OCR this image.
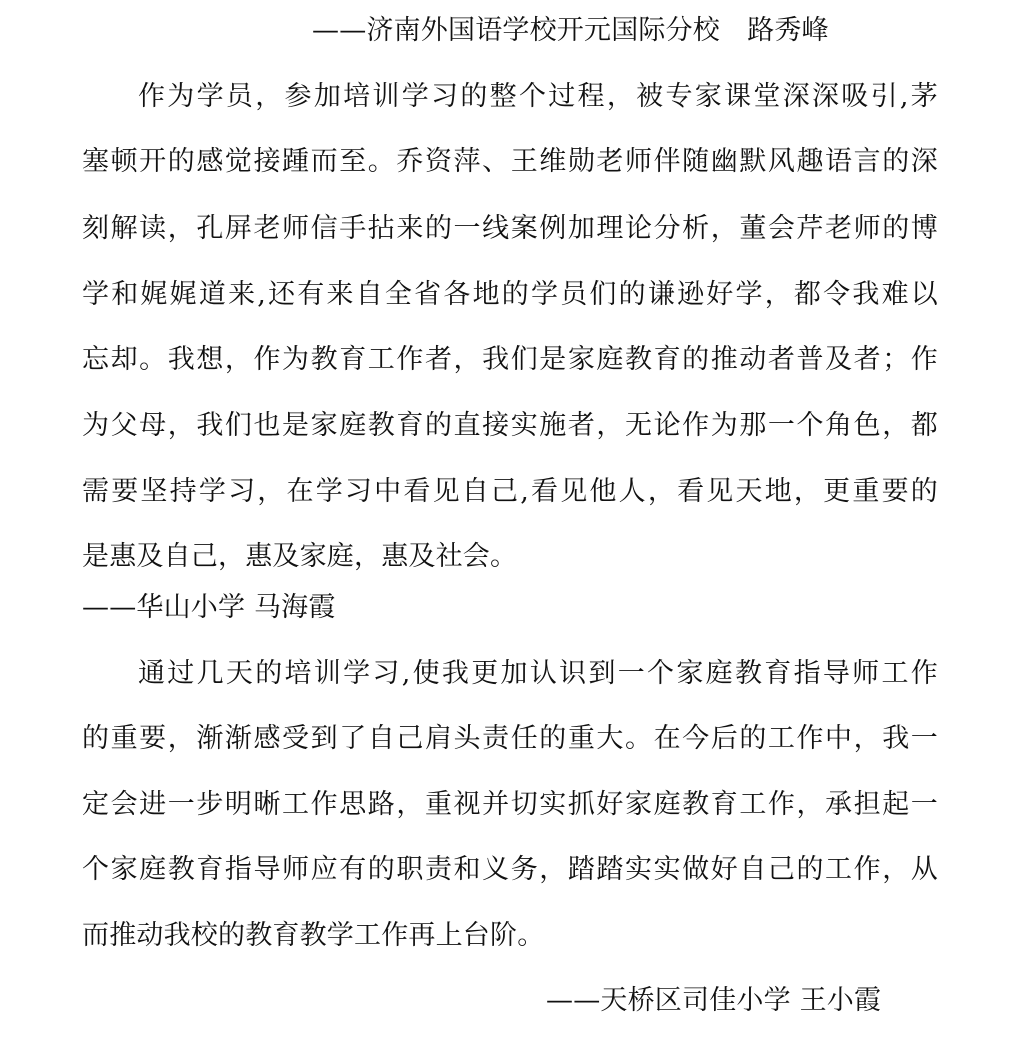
——济南外国语学校开元国际分校　路秀峰
作为学员，参加培训学习的整个过程，被专家课堂深深吸引,茅
塞顿开的感觉接踵而至。乔资萍、王维勋老师伴随幽默风趣语言的深
刻解读，孔屏老师信手拈来的一线案例加理论分析，董会芹老师的博
学和娓娓道来,还有来自全省各地的学员们的谦逊好学，都令我难以
忘却。我想，作为教育工作者，我们是家庭教育的推动者普及者；作
为父母，我们也是家庭教育的直接实施者，无论作为那一个角色，都
需要坚持学习，在学习中看见自己,看见他人，看见天地，更重要的
是惠及自己，惠及家庭，惠及社会。
——华山小学 马海霞
通过几天的培训学习,使我更加认识到一个家庭教育指导师工作
的重要，渐渐感受到了自己肩头责任的重大。在今后的工作中，我一
定会进一步明晰工作思路，重视并切实抓好家庭教育工作，承担起一
个家庭教育指导师应有的职责和义务，踏踏实实做好自己的工作，从
而推动我校的教育教学工作再上台阶。
——天桥区司佳小学 王小霞
